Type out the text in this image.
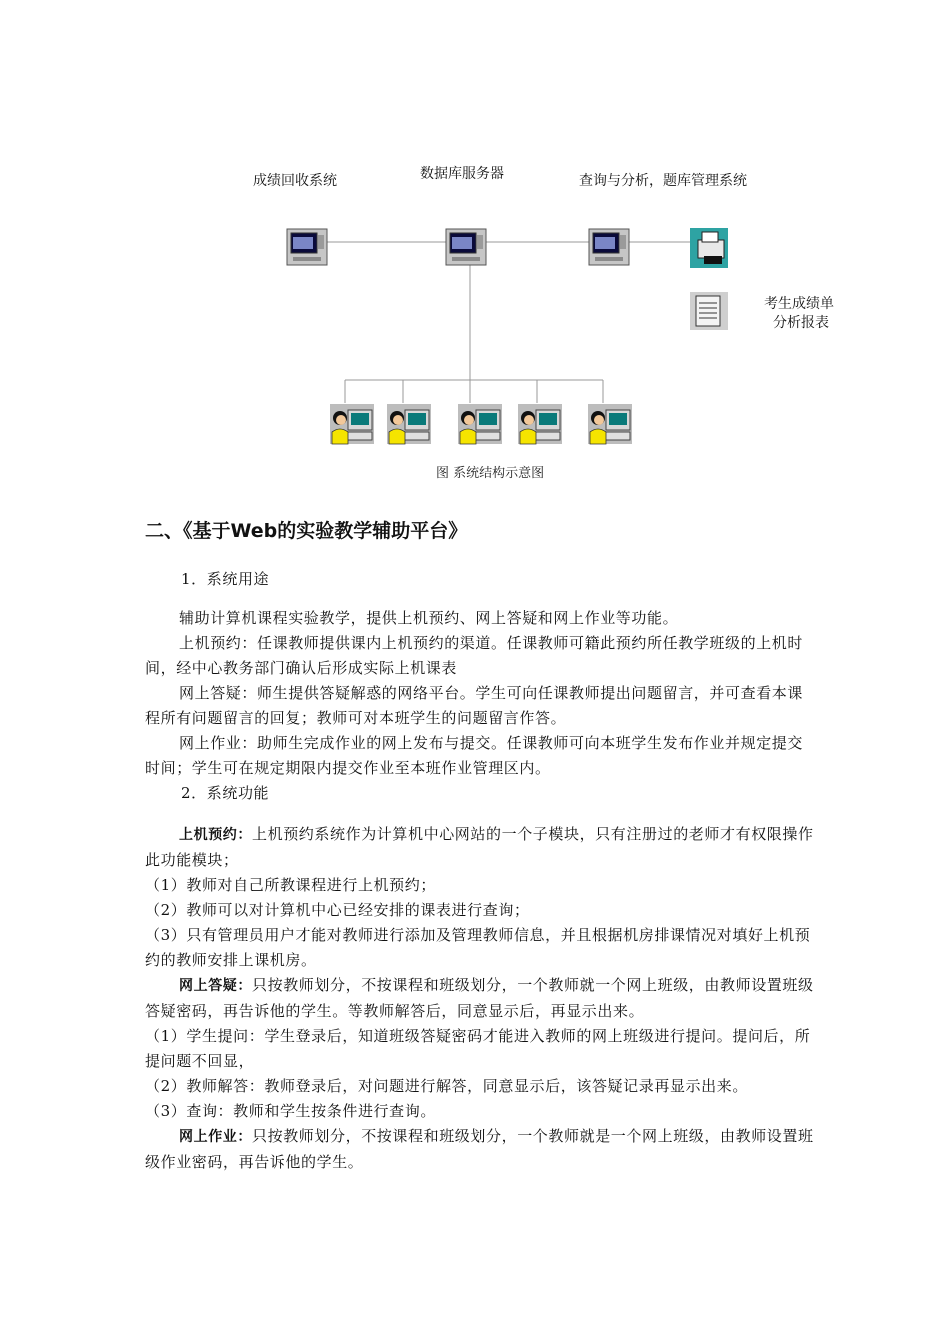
成绩回收系统	数据库服务器	查询与分析，题库管理系统
考生成绩单
分析报表
图 系统结构示意图
二、《基于Web的实验教学辅助平台》

1．系统用途

辅助计算机课程实验教学，提供上机预约、网上答疑和网上作业等功能。

上机预约：任课教师提供课内上机预约的渠道。任课教师可籍此预约所任教学班级的上机时间，经中心教务部门确认后形成实际上机课表

网上答疑：师生提供答疑解惑的网络平台。学生可向任课教师提出问题留言，并可查看本课程所有问题留言的回复；教师可对本班学生的问题留言作答。

网上作业：助师生完成作业的网上发布与提交。任课教师可向本班学生发布作业并规定提交时间；学生可在规定期限内提交作业至本班作业管理区内。

2．系统功能

上机预约：上机预约系统作为计算机中心网站的一个子模块，只有注册过的老师才有权限操作此功能模块；

（1）教师对自己所教课程进行上机预约；

（2）教师可以对计算机中心已经安排的课表进行查询；

（3）只有管理员用户才能对教师进行添加及管理教师信息，并且根据机房排课情况对填好上机预约的教师安排上课机房。

网上答疑：只按教师划分，不按课程和班级划分，一个教师就一个网上班级，由教师设置班级答疑密码，再告诉他的学生。等教师解答后，同意显示后，再显示出来。

（1）学生提问：学生登录后，知道班级答疑密码才能进入教师的网上班级进行提问。提问后，所提问题不回显，

（2）教师解答：教师登录后，对问题进行解答，同意显示后，该答疑记录再显示出来。

（3）查询：教师和学生按条件进行查询。

网上作业：只按教师划分，不按课程和班级划分，一个教师就是一个网上班级，由教师设置班级作业密码，再告诉他的学生。
